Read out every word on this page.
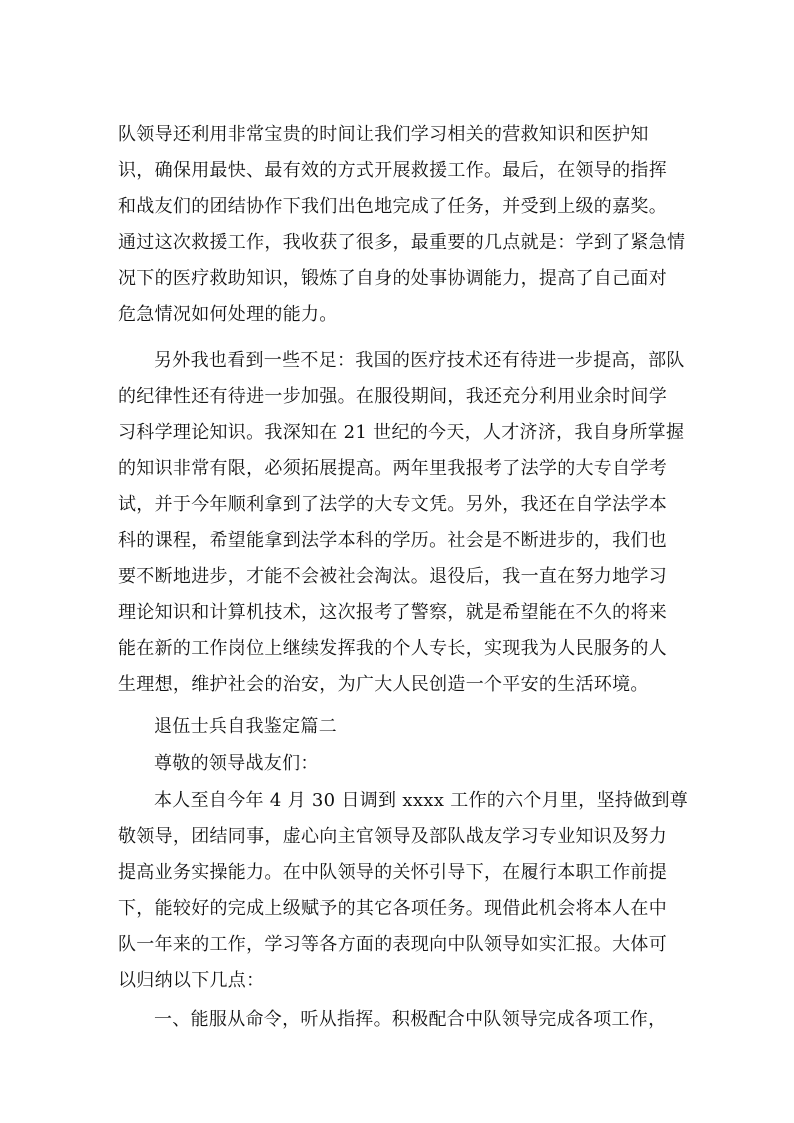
队领导还利用非常宝贵的时间让我们学习相关的营救知识和医护知
识，确保用最快、最有效的方式开展救援工作。最后，在领导的指挥
和战友们的团结协作下我们出色地完成了任务，并受到上级的嘉奖。
通过这次救援工作，我收获了很多，最重要的几点就是：学到了紧急情
况下的医疗救助知识，锻炼了自身的处事协调能力，提高了自己面对
危急情况如何处理的能力。
另外我也看到一些不足：我国的医疗技术还有待进一步提高，部队
的纪律性还有待进一步加强。在服役期间，我还充分利用业余时间学
习科学理论知识。我深知在 21 世纪的今天，人才济济，我自身所掌握
的知识非常有限，必须拓展提高。两年里我报考了法学的大专自学考
试，并于今年顺利拿到了法学的大专文凭。另外，我还在自学法学本
科的课程，希望能拿到法学本科的学历。社会是不断进步的，我们也
要不断地进步，才能不会被社会淘汰。退役后，我一直在努力地学习
理论知识和计算机技术，这次报考了警察，就是希望能在不久的将来
能在新的工作岗位上继续发挥我的个人专长，实现我为人民服务的人
生理想，维护社会的治安，为广大人民创造一个平安的生活环境。
退伍士兵自我鉴定篇二
尊敬的领导战友们：
本人至自今年 4 月 30 日调到 xxxx 工作的六个月里，坚持做到尊
敬领导，团结同事，虚心向主官领导及部队战友学习专业知识及努力
提高业务实操能力。在中队领导的关怀引导下，在履行本职工作前提
下，能较好的完成上级赋予的其它各项任务。现借此机会将本人在中
队一年来的工作，学习等各方面的表现向中队领导如实汇报。大体可
以归纳以下几点：
一、能服从命令，听从指挥。积极配合中队领导完成各项工作，
